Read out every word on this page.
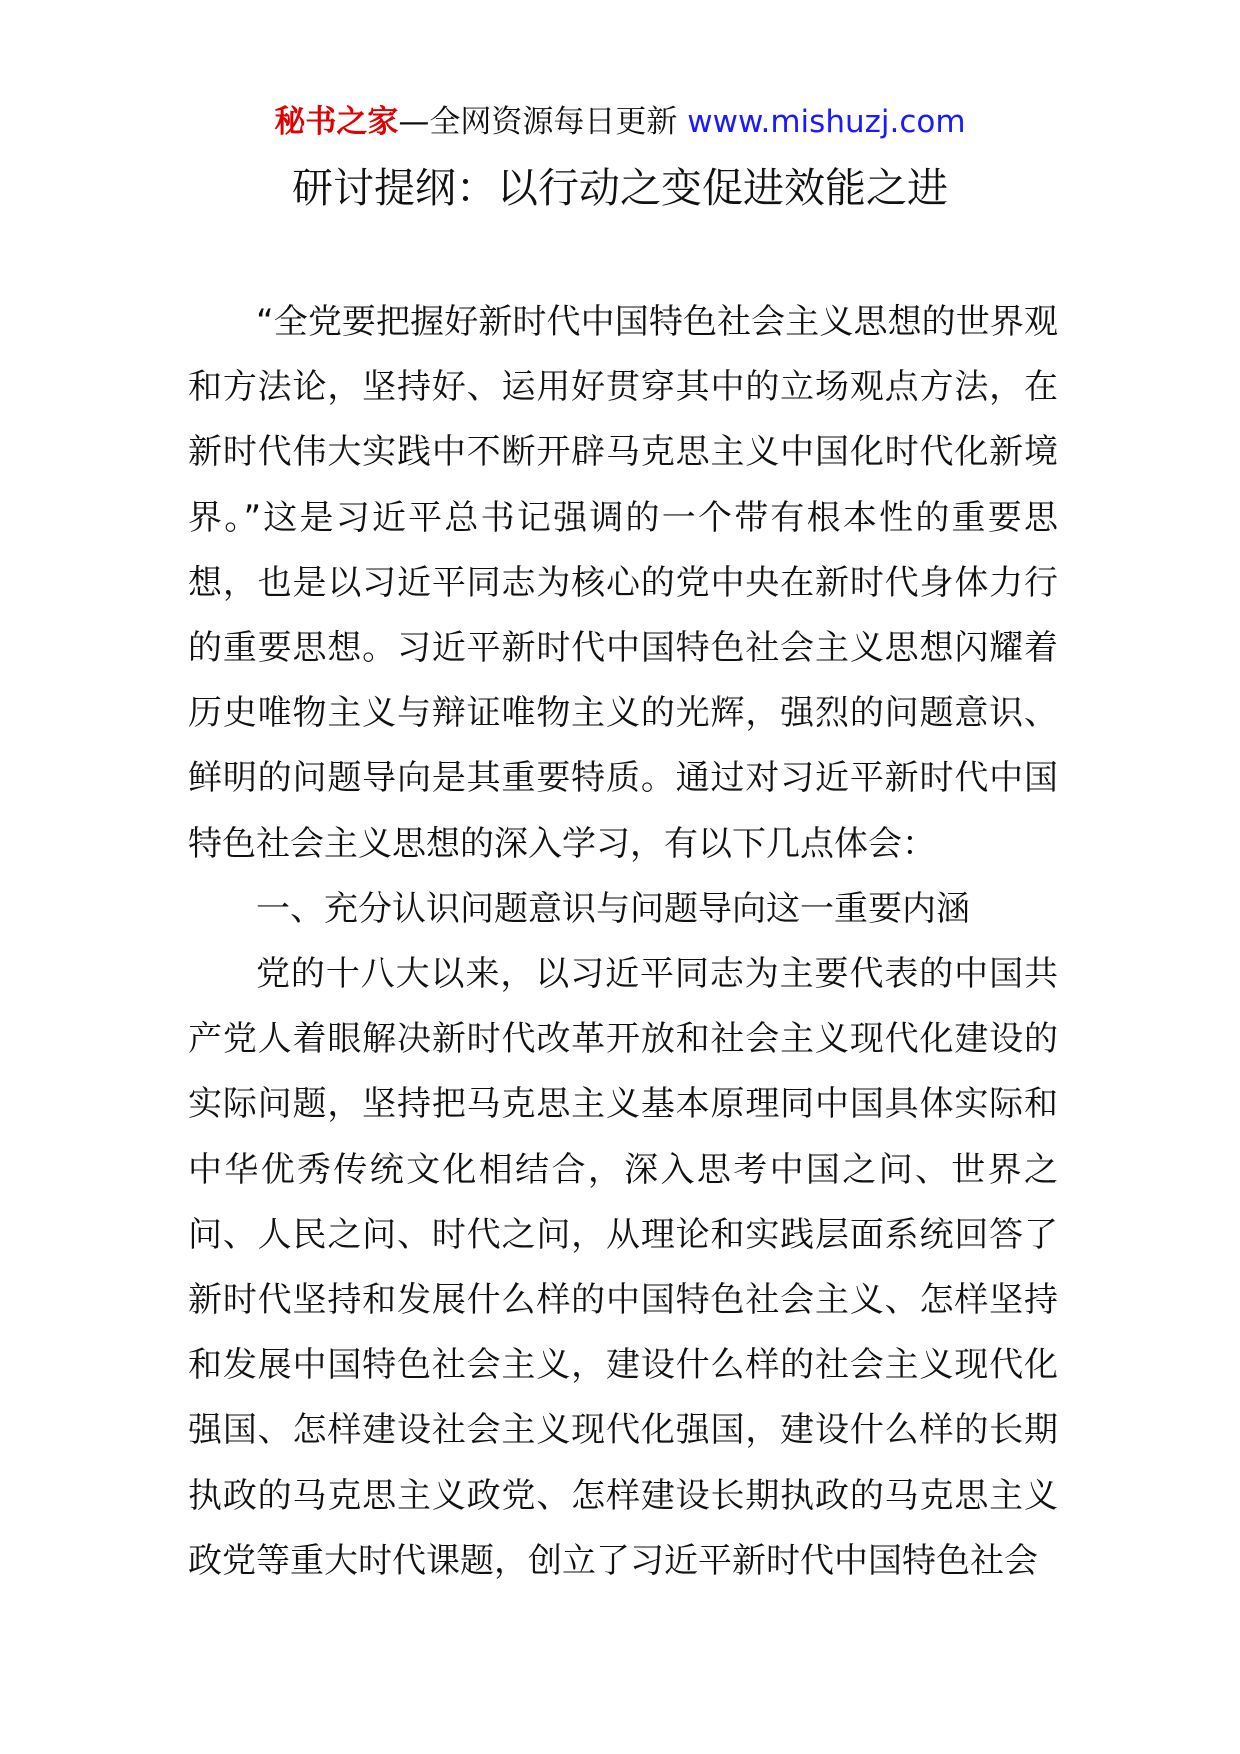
秘书之家—全网资源每日更新 www.mishuzj.com
研讨提纲：以行动之变促进效能之进

“全党要把握好新时代中国特色社会主义思想的世界观和方法论，坚持好、运用好贯穿其中的立场观点方法，在新时代伟大实践中不断开辟马克思主义中国化时代化新境界。”这是习近平总书记强调的一个带有根本性的重要思想，也是以习近平同志为核心的党中央在新时代身体力行的重要思想。习近平新时代中国特色社会主义思想闪耀着历史唯物主义与辩证唯物主义的光辉，强烈的问题意识、鲜明的问题导向是其重要特质。通过对习近平新时代中国特色社会主义思想的深入学习，有以下几点体会：

一、充分认识问题意识与问题导向这一重要内涵

党的十八大以来，以习近平同志为主要代表的中国共产党人着眼解决新时代改革开放和社会主义现代化建设的实际问题，坚持把马克思主义基本原理同中国具体实际和中华优秀传统文化相结合，深入思考中国之问、世界之问、人民之问、时代之问，从理论和实践层面系统回答了新时代坚持和发展什么样的中国特色社会主义、怎样坚持和发展中国特色社会主义，建设什么样的社会主义现代化强国、怎样建设社会主义现代化强国，建设什么样的长期执政的马克思主义政党、怎样建设长期执政的马克思主义政党等重大时代课题，创立了习近平新时代中国特色社会
